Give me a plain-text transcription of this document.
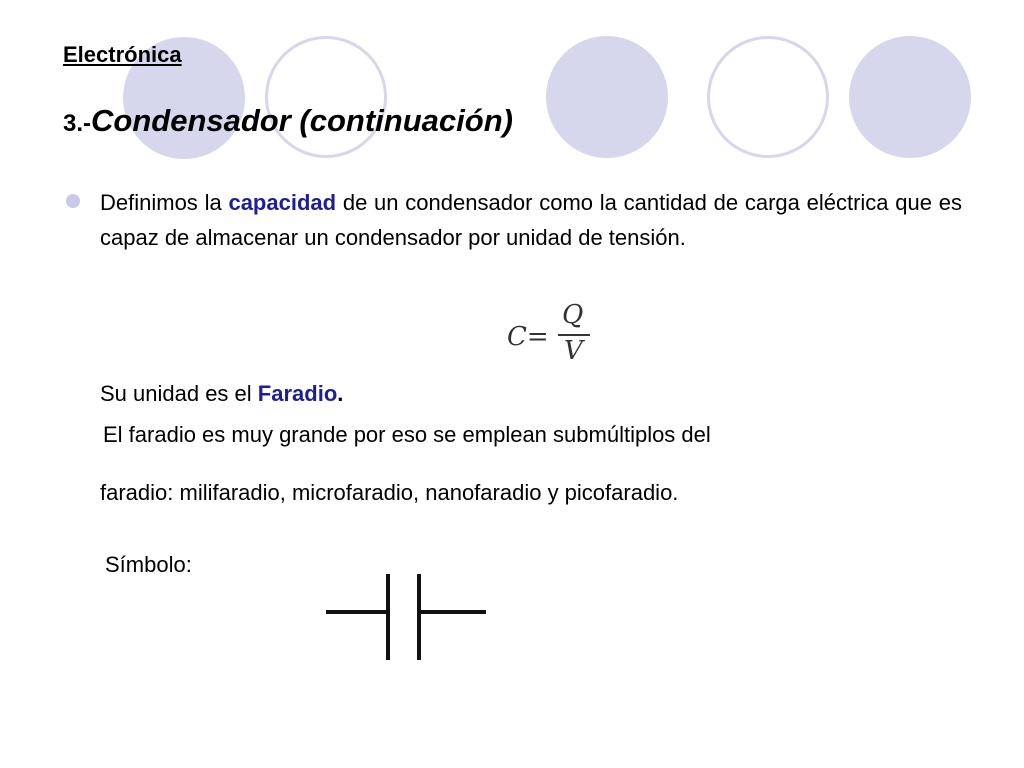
Electrónica
3.-Condensador (continuación)

Definimos la capacidad de un condensador como la cantidad de carga eléctrica que es capaz de almacenar un condensador por unidad de tensión.

C=
Q
V
Su unidad es el Faradio.
El faradio es muy grande por eso se emplean submúltiplos del
faradio: milifaradio, microfaradio, nanofaradio y picofaradio.
Símbolo:
